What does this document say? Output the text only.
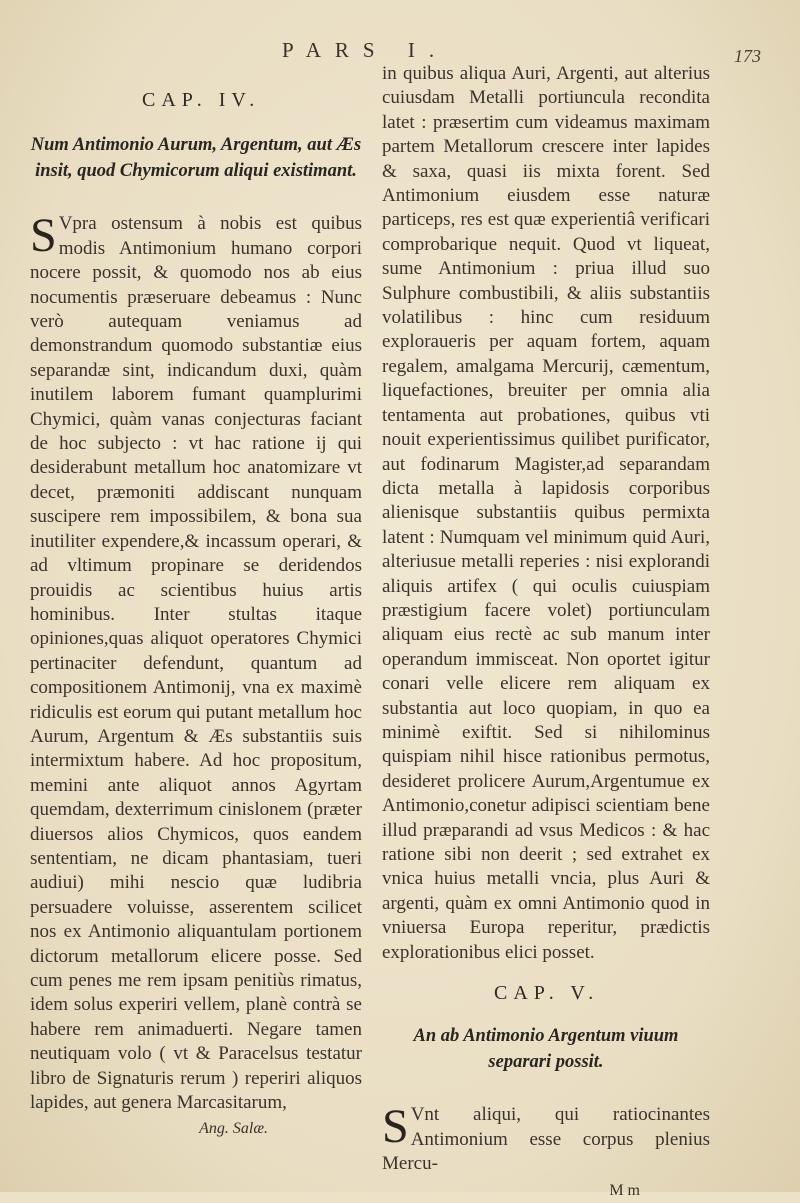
PARS I.	173
CAP. IV.
Num Antimonio Aurum, Argentum, aut Æs insit, quod Chymicorum aliqui existimant.
S Vpra ostensum à nobis est quibus modis Antimonium humano corpori nocere possit, & quomodo nos ab eius nocumentis præseruare debeamus : Nunc verò autequam veniamus ad demonstrandum quomodo substantiæ eius separandæ sint, indicandum duxi, quàm inutilem laborem fumant quamplurimi Chymici, quàm vanas conjecturas faciant de hoc subjecto : vt hac ratione ij qui desiderabunt metallum hoc anatomizare vt decet, præmoniti addiscant nunquam suscipere rem impossibilem, & bona sua inutiliter expendere,& incassum operari, & ad vltimum propinare se deridendos prouidis ac scientibus huius artis hominibus. Inter stultas itaque opiniones,quas aliquot operatores Chymici pertinaciter defendunt, quantum ad compositionem Antimonij, vna ex maximè ridiculis est eorum qui putant metallum hoc Aurum, Argentum & Æs substantiis suis intermixtum habere. Ad hoc propositum, memini ante aliquot annos Agyrtam quemdam, dexterrimum cinislonem (præter diuersos alios Chymicos, quos eandem sententiam, ne dicam phantasiam, tueri audiui) mihi nescio quæ ludibria persuadere voluisse, asserentem scilicet nos ex Antimonio aliquantulam portionem dictorum metallorum elicere posse. Sed cum penes me rem ipsam penitiùs rimatus, idem solus experiri vellem, planè contrà se habere rem animaduerti. Negare tamen neutiquam volo ( vt & Paracelsus testatur libro de Signaturis rerum ) reperiri aliquos lapides, aut genera Marcasitarum,
Ang. Salæ.
in quibus aliqua Auri, Argenti, aut alterius cuiusdam Metalli portiuncula recondita latet : præsertim cum videamus maximam partem Metallorum crescere inter lapides & saxa, quasi iis mixta forent. Sed Antimonium eiusdem esse naturæ particeps, res est quæ experientiâ verificari comprobarique nequit. Quod vt liqueat, sume Antimonium : priua illud suo Sulphure combustibili, & aliis substantiis volatilibus : hinc cum residuum exploraueris per aquam fortem, aquam regalem, amalgama Mercurij, cæmentum, liquefactiones, breuiter per omnia alia tentamenta aut probationes, quibus vti nouit experientissimus quilibet purificator, aut fodinarum Magister,ad separandam dicta metalla à lapidosis corporibus alienisque substantiis quibus permixta latent : Numquam vel minimum quid Auri, alteriusue metalli reperies : nisi explorandi aliquis artifex ( qui oculis cuiuspiam præstigium facere volet) portiunculam aliquam eius rectè ac sub manum inter operandum immisceat. Non oportet igitur conari velle elicere rem aliquam ex substantia aut loco quopiam, in quo ea minimè exiftit. Sed si nihilominus quispiam nihil hisce rationibus permotus, desideret prolicere Aurum,Argentumue ex Antimonio,conetur adipisci scientiam bene illud præparandi ad vsus Medicos : & hac ratione sibi non deerit ; sed extrahet ex vnica huius metalli vncia, plus Auri & argenti, quàm ex omni Antimonio quod in vniuersa Europa reperitur, prædictis explorationibus elici posset.
CAP. V.
An ab Antimonio Argentum viuum separari possit.
S Vnt aliqui, qui ratiocinantes Antimonium esse corpus plenius Mercu-
M m
